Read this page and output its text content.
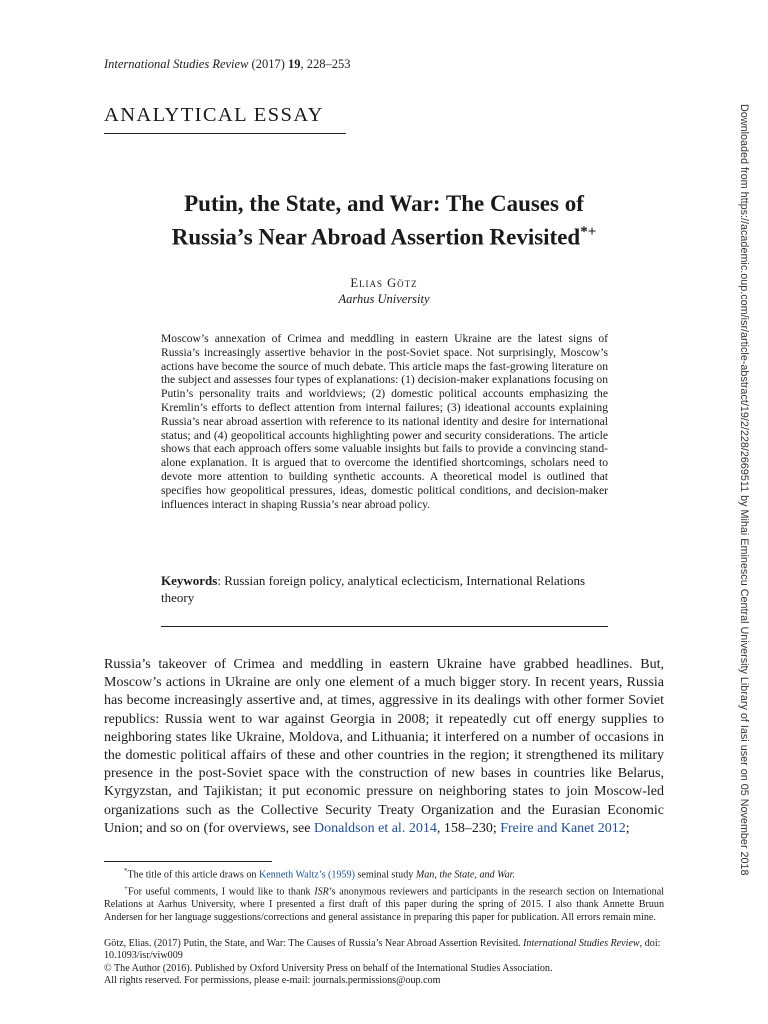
International Studies Review (2017) 19, 228–253
ANALYTICAL ESSAY
Putin, the State, and War: The Causes of
Russia’s Near Abroad Assertion Revisited*+
Elias Götz
Aarhus University
Moscow’s annexation of Crimea and meddling in eastern Ukraine are the latest signs of Russia’s increasingly assertive behavior in the post-Soviet space. Not surprisingly, Moscow’s actions have become the source of much debate. This article maps the fast-growing literature on the subject and assesses four types of explanations: (1) decision-maker explanations focusing on Putin’s personality traits and worldviews; (2) domestic political accounts emphasizing the Kremlin’s efforts to deflect attention from internal failures; (3) ideational accounts explaining Russia’s near abroad assertion with reference to its national identity and desire for international status; and (4) geopolitical accounts highlighting power and security considerations. The article shows that each approach offers some valuable insights but fails to provide a convincing stand-alone explanation. It is argued that to overcome the identified shortcomings, scholars need to devote more attention to building synthetic accounts. A theoretical model is outlined that specifies how geopolitical pressures, ideas, domestic political conditions, and decision-maker influences interact in shaping Russia’s near abroad policy.
Keywords: Russian foreign policy, analytical eclecticism, International Relations theory
Russia’s takeover of Crimea and meddling in eastern Ukraine have grabbed headlines. But, Moscow’s actions in Ukraine are only one element of a much bigger story. In recent years, Russia has become increasingly assertive and, at times, aggressive in its dealings with other former Soviet republics: Russia went to war against Georgia in 2008; it repeatedly cut off energy supplies to neighboring states like Ukraine, Moldova, and Lithuania; it interfered on a number of occasions in the domestic political affairs of these and other countries in the region; it strengthened its military presence in the post-Soviet space with the construction of new bases in countries like Belarus, Kyrgyzstan, and Tajikistan; it put economic pressure on neighboring states to join Moscow-led organizations such as the Collective Security Treaty Organization and the Eurasian Economic Union; and so on (for overviews, see Donaldson et al. 2014, 158–230; Freire and Kanet 2012;

*The title of this article draws on Kenneth Waltz’s (1959) seminal study Man, the State, and War.

+For useful comments, I would like to thank ISR’s anonymous reviewers and participants in the research section on International Relations at Aarhus University, where I presented a first draft of this paper during the spring of 2015. I also thank Annette Bruun Andersen for her language suggestions/corrections and general assistance in preparing this paper for publication. All errors remain mine.

Götz, Elias. (2017) Putin, the State, and War: The Causes of Russia’s Near Abroad Assertion Revisited. International Studies Review, doi: 10.1093/isr/viw009

© The Author (2016). Published by Oxford University Press on behalf of the International Studies Association.

All rights reserved. For permissions, please e-mail: journals.permissions@oup.com

Downloaded from https://academic.oup.com/isr/article-abstract/19/2/228/2669511 by Mihai Eminescu Central University Library of Iasi user on 05 November 2018
